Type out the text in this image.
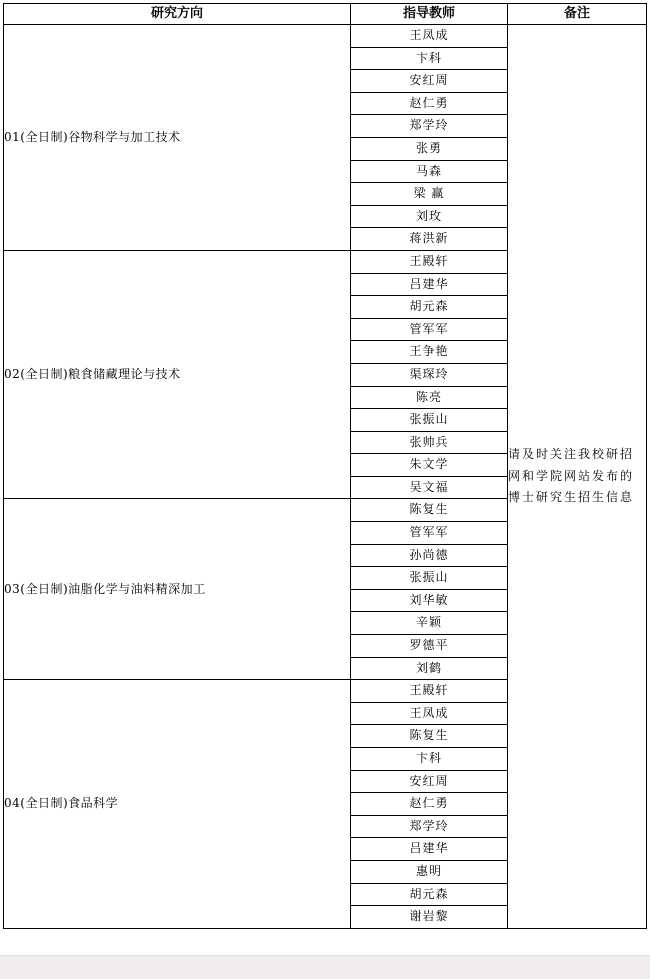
研究方向	指导教师	备注
01(全日制)谷物科学与加工技术	王凤成	请及时关注我校研招网和学院网站发布的博士研究生招生信息
	卞科	
	安红周	
	赵仁勇	
	郑学玲	
	张勇	
	马森	
	梁 赢	
	刘玫	
	蒋洪新	
02(全日制)粮食储藏理论与技术	王殿轩	
	吕建华	
	胡元森	
	管军军	
	王争艳	
	渠琛玲	
	陈亮	
	张振山	
	张帅兵	
	朱文学	
	吴文福	
03(全日制)油脂化学与油料精深加工	陈复生	
	管军军	
	孙尚德	
	张振山	
	刘华敏	
	辛颖	
	罗德平	
	刘鹤	
04(全日制)食品科学	王殿轩	
	王凤成	
	陈复生	
	卞科	
	安红周	
	赵仁勇	
	郑学玲	
	吕建华	
	惠明	
	胡元森	
	谢岩黎	
